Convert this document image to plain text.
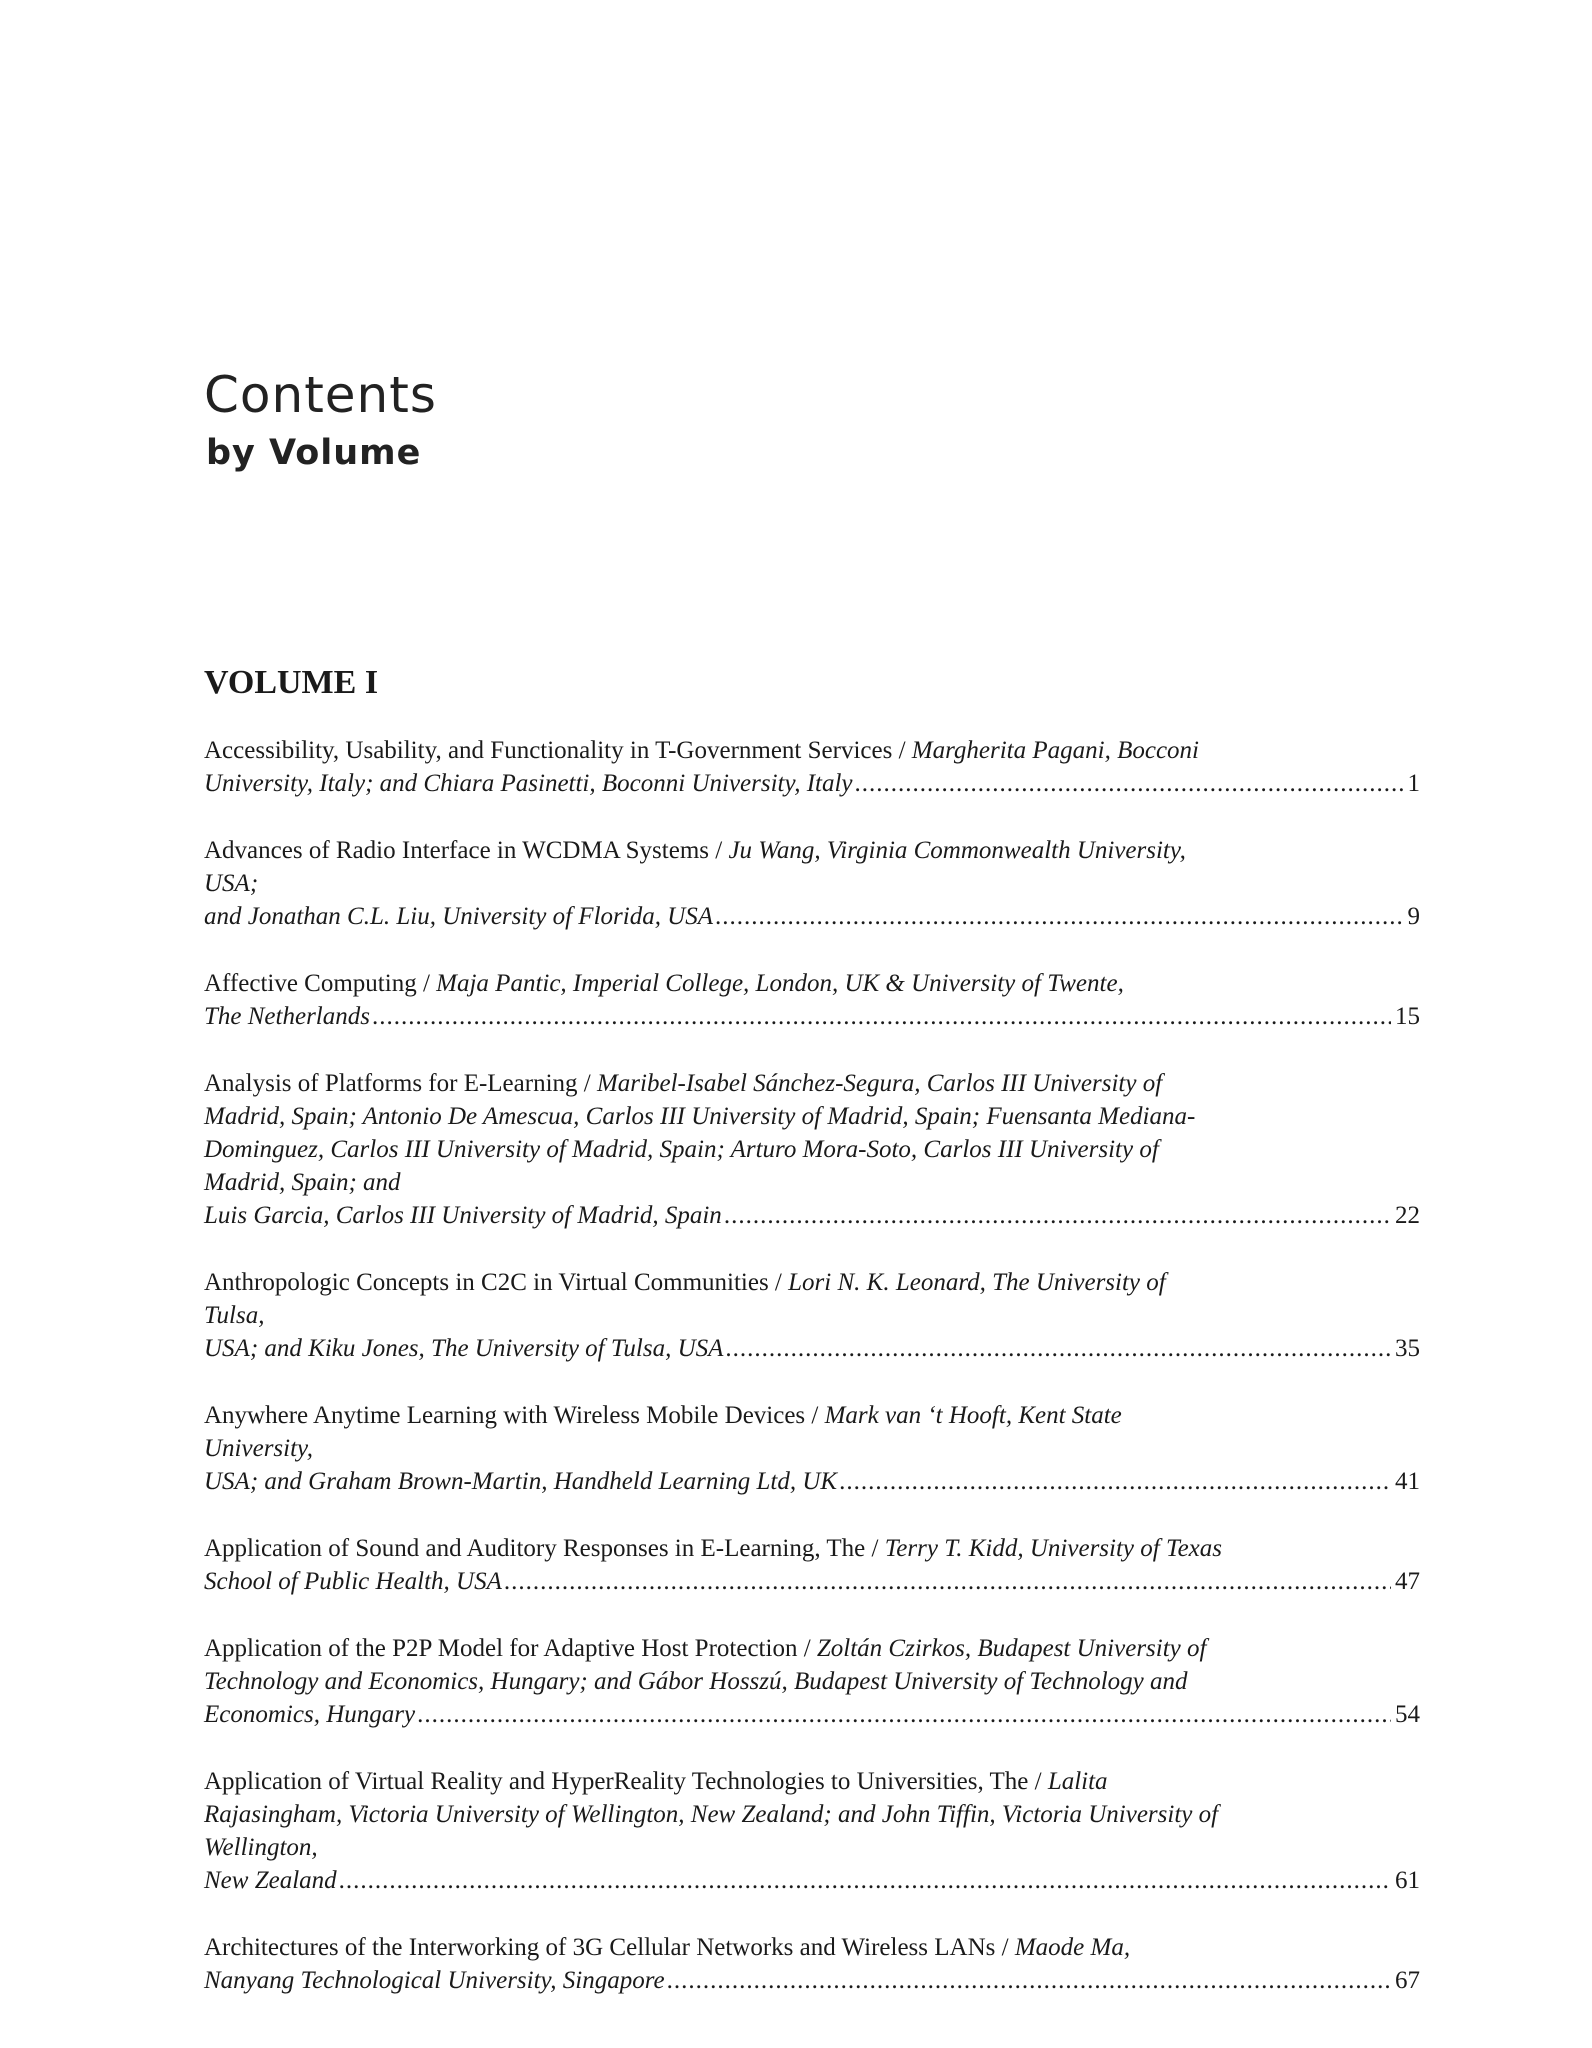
Contents
by Volume
VOLUME I
Accessibility, Usability, and Functionality in T-Government Services / Margherita Pagani, Bocconi
University, Italy; and Chiara Pasinetti, Boconni University, Italy .....	1
Advances of Radio Interface in WCDMA Systems / Ju Wang, Virginia Commonwealth University, USA;
and Jonathan C.L. Liu, University of Florida, USA .....	9
Affective Computing / Maja Pantic, Imperial College, London, UK & University of Twente,
The Netherlands .....	15
Analysis of Platforms for E-Learning / Maribel-Isabel Sánchez-Segura, Carlos III University of Madrid, Spain; Antonio De Amescua, Carlos III University of Madrid, Spain; Fuensanta Mediana-Dominguez, Carlos III University of Madrid, Spain; Arturo Mora-Soto, Carlos III University of Madrid, Spain; and
Luis Garcia, Carlos III University of Madrid, Spain .....	22
Anthropologic Concepts in C2C in Virtual Communities / Lori N. K. Leonard, The University of Tulsa,
USA; and Kiku Jones, The University of Tulsa, USA .....	35
Anywhere Anytime Learning with Wireless Mobile Devices / Mark van ‘t Hooft, Kent State University,
USA; and Graham Brown-Martin, Handheld Learning Ltd, UK .....	41
Application of Sound and Auditory Responses in E-Learning, The / Terry T. Kidd, University of Texas
School of Public Health, USA .....	47
Application of the P2P Model for Adaptive Host Protection / Zoltán Czirkos, Budapest University of Technology and Economics, Hungary; and Gábor Hosszú, Budapest University of Technology and
Economics, Hungary .....	54
Application of Virtual Reality and HyperReality Technologies to Universities, The / Lalita Rajasingham, Victoria University of Wellington, New Zealand; and John Tiffin, Victoria University of Wellington,
New Zealand .....	61
Architectures of the Interworking of 3G Cellular Networks and Wireless LANs / Maode Ma,
Nanyang Technological University, Singapore .....	67
